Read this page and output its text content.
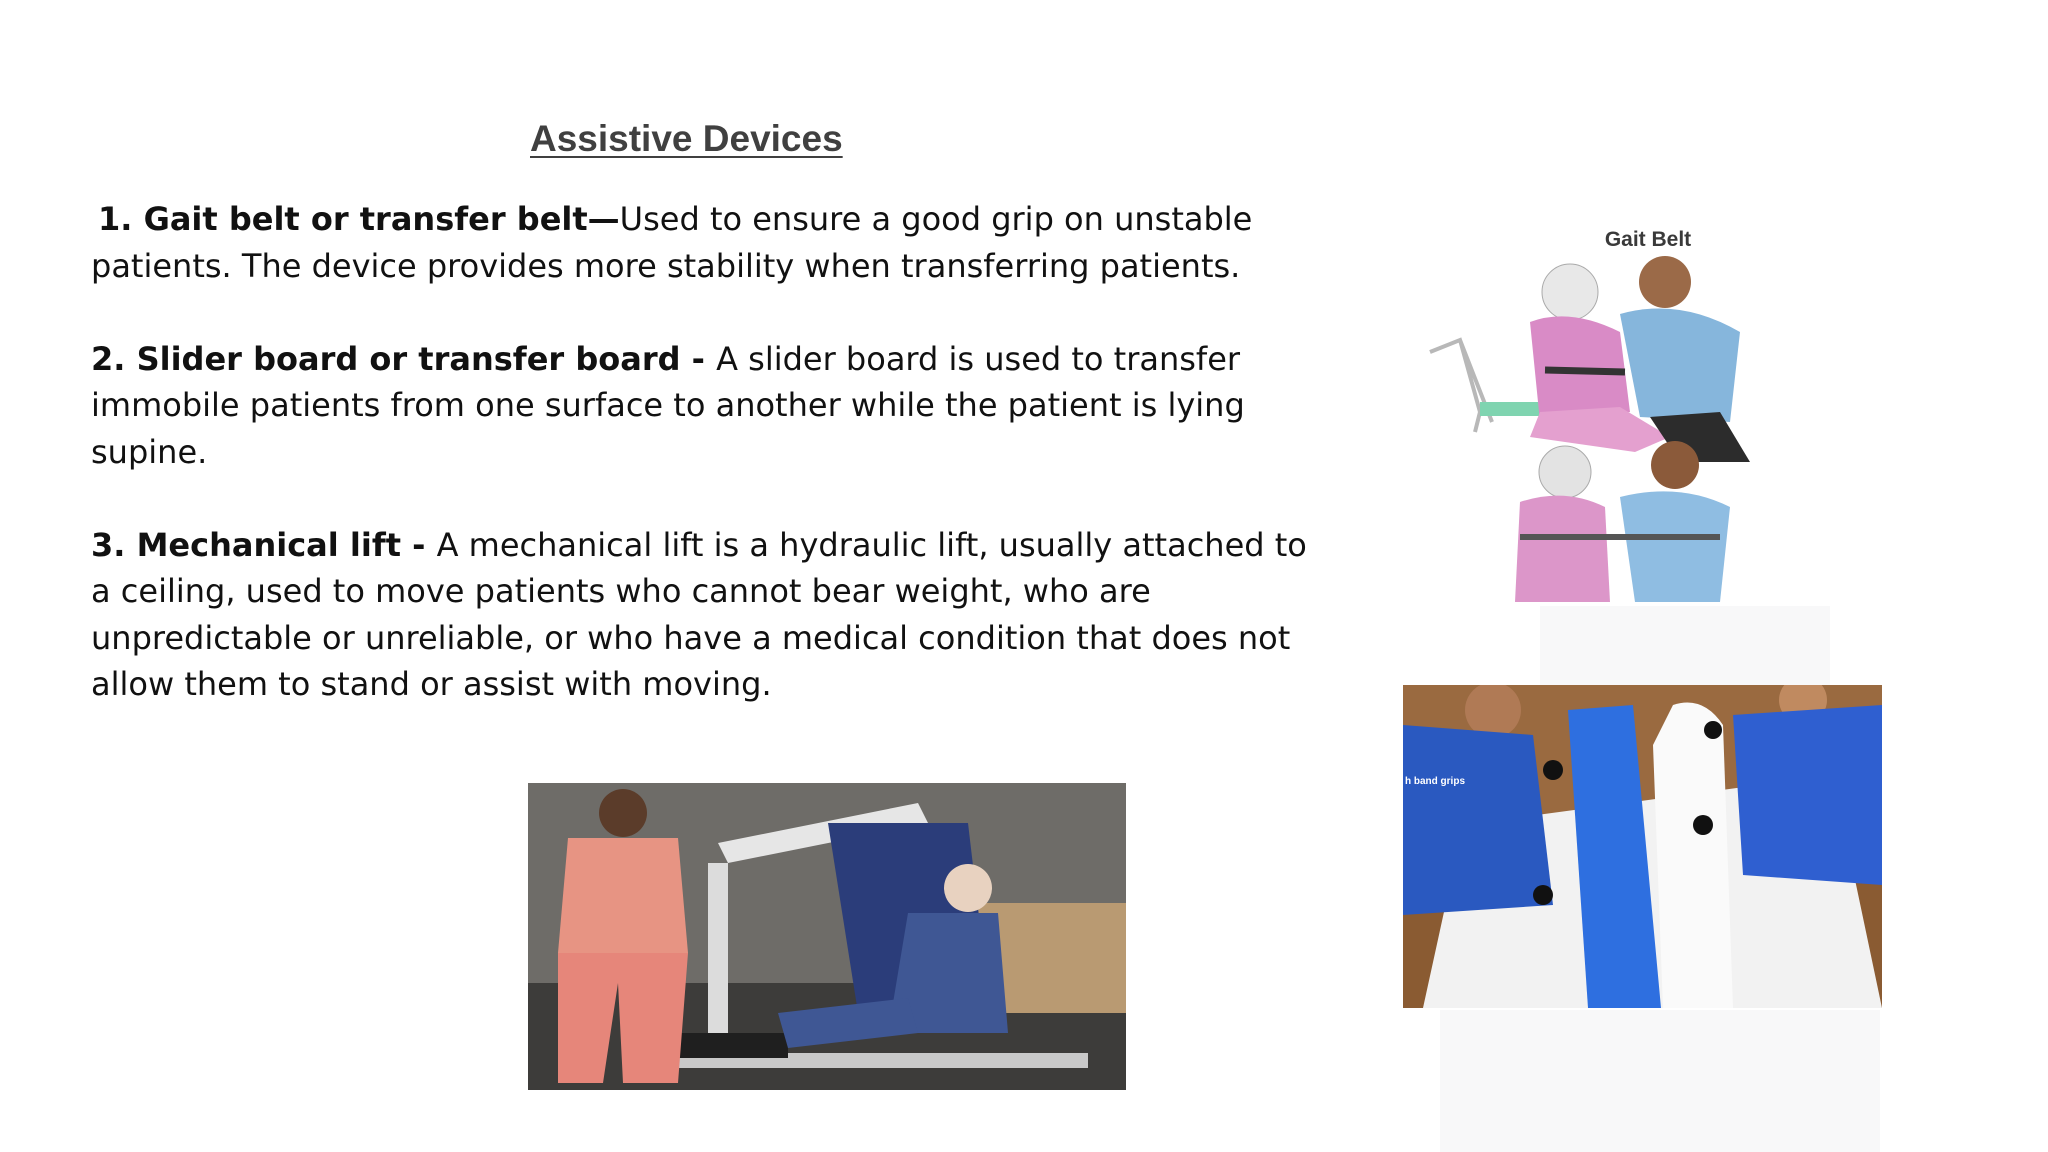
Assistive Devices

1. Gait belt or transfer belt—Used to ensure a good grip on unstable patients. The device provides more stability when transferring patients.

2. Slider board or transfer board - A slider board is used to transfer immobile patients from one surface to another while the patient is lying supine.

3. Mechanical lift - A mechanical lift is a hydraulic lift, usually attached to a ceiling, used to move patients who cannot bear weight, who are unpredictable or unreliable, or who have a medical condition that does not allow them to stand or assist with moving.

Gait Belt
h band grips
